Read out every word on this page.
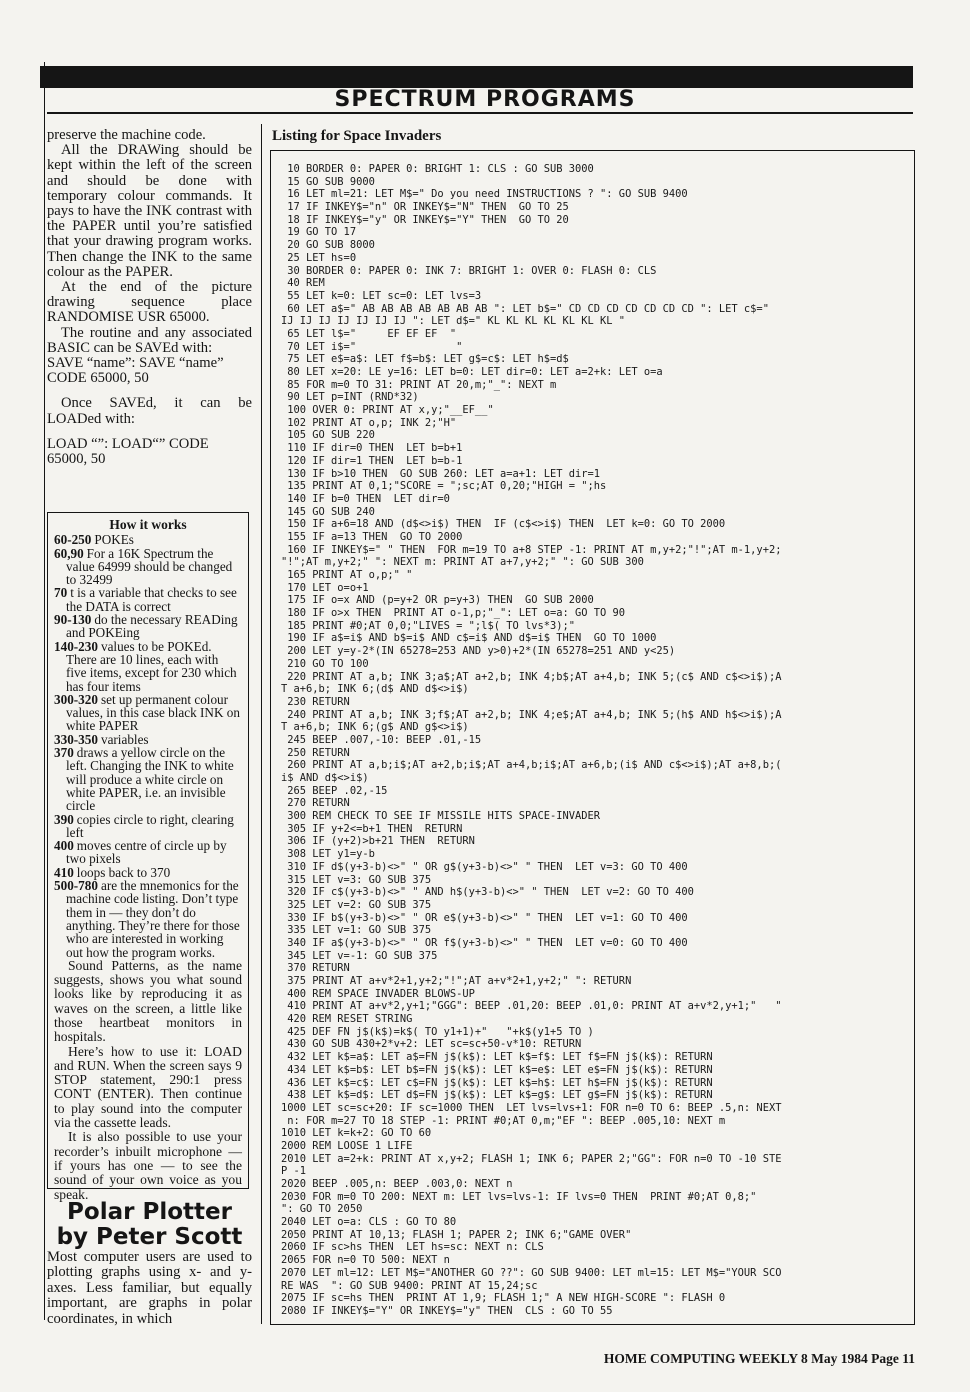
SPECTRUM PROGRAMS

preserve the machine code.

All the DRAWing should be kept within the left of the screen and should be done with temporary colour commands. It pays to have the INK contrast with the PAPER until you’re satisfied that your drawing program works. Then change the INK to the same colour as the PAPER.

At the end of the picture drawing sequence place RANDOMISE USR 65000.

The routine and any associated BASIC can be SAVEd with:

SAVE “name”: SAVE “name” CODE 65000, 50

Once SAVEd, it can be LOADed with:

LOAD “”: LOAD“” CODE 65000, 50

How it works

60-250 POKEs

60,90 For a 16K Spectrum the value 64999 should be changed to 32499

70 t is a variable that checks to see the DATA is correct

90-130 do the necessary READing and POKEing

140-230 values to be POKEd. There are 10 lines, each with five items, except for 230 which has four items

300-320 set up permanent colour values, in this case black INK on white PAPER

330-350 variables

370 draws a yellow circle on the left. Changing the INK to white will produce a white circle on white PAPER, i.e. an invisible circle

390 copies circle to right, clearing left

400 moves centre of circle up by two pixels

410 loops back to 370

500-780 are the mnemonics for the machine code listing. Don’t type them in — they don’t do anything. They’re there for those who are interested in working out how the program works.

Sound Patterns, as the name suggests, shows you what sound looks like by reproducing it as waves on the screen, a little like those heartbeat monitors in hospitals.

Here’s how to use it: LOAD and RUN. When the screen says 9 STOP statement, 290:1 press CONT (ENTER). Then continue to play sound into the computer via the cassette leads.

It is also possible to use your recorder’s inbuilt microphone — if yours has one — to see the sound of your own voice as you speak.

Polar Plotter
by Peter Scott
Most computer users are used to plotting graphs using x- and y-axes. Less familiar, but equally important, are graphs in polar coordinates, in which
Listing for Space Invaders
10 BORDER 0: PAPER 0: BRIGHT 1: CLS : GO SUB 3000
15 GO SUB 9000
16 LET ml=21: LET M$=" Do you need INSTRUCTIONS ? ": GO SUB 9400
17 IF INKEY$="n" OR INKEY$="N" THEN  GO TO 25
18 IF INKEY$="y" OR INKEY$="Y" THEN  GO TO 20
19 GO TO 17
20 GO SUB 8000
25 LET hs=0
30 BORDER 0: PAPER 0: INK 7: BRIGHT 1: OVER 0: FLASH 0: CLS
40 REM
55 LET k=0: LET sc=0: LET lvs=3
60 LET a$=" AB AB AB AB AB AB AB ": LET b$=" CD CD CD CD CD CD CD ": LET c$="
IJ IJ IJ IJ IJ IJ IJ ": LET d$=" KL KL KL KL KL KL KL "
65 LET l$="     EF EF EF  "
70 LET i$="                "
75 LET e$=a$: LET f$=b$: LET g$=c$: LET h$=d$
80 LET x=20: LE y=16: LET b=0: LET dir=0: LET a=2+k: LET o=a
85 FOR m=0 TO 31: PRINT AT 20,m;"_": NEXT m
90 LET p=INT (RND*32)
100 OVER 0: PRINT AT x,y;"__EF__"
102 PRINT AT o,p; INK 2;"H"
105 GO SUB 220
110 IF dir=0 THEN  LET b=b+1
120 IF dir=1 THEN  LET b=b-1
130 IF b>10 THEN  GO SUB 260: LET a=a+1: LET dir=1
135 PRINT AT 0,1;"SCORE = ";sc;AT 0,20;"HIGH = ";hs
140 IF b=0 THEN  LET dir=0
145 GO SUB 240
150 IF a+6=18 AND (d$<>i$) THEN  IF (c$<>i$) THEN  LET k=0: GO TO 2000
155 IF a=13 THEN  GO TO 2000
160 IF INKEY$=" " THEN  FOR m=19 TO a+8 STEP -1: PRINT AT m,y+2;"!";AT m-1,y+2;
"!";AT m,y+2;" ": NEXT m: PRINT AT a+7,y+2;" ": GO SUB 300
165 PRINT AT o,p;" "
170 LET o=o+1
175 IF o=x AND (p=y+2 OR p=y+3) THEN  GO SUB 2000
180 IF o>x THEN  PRINT AT o-1,p;"_": LET o=a: GO TO 90
185 PRINT #0;AT 0,0;"LIVES = ";l$( TO lvs*3);"
190 IF a$=i$ AND b$=i$ AND c$=i$ AND d$=i$ THEN  GO TO 1000
200 LET y=y-2*(IN 65278=253 AND y>0)+2*(IN 65278=251 AND y<25)
210 GO TO 100
220 PRINT AT a,b; INK 3;a$;AT a+2,b; INK 4;b$;AT a+4,b; INK 5;(c$ AND c$<>i$);A
T a+6,b; INK 6;(d$ AND d$<>i$)
230 RETURN
240 PRINT AT a,b; INK 3;f$;AT a+2,b; INK 4;e$;AT a+4,b; INK 5;(h$ AND h$<>i$);A
T a+6,b; INK 6;(g$ AND g$<>i$)
245 BEEP .007,-10: BEEP .01,-15
250 RETURN
260 PRINT AT a,b;i$;AT a+2,b;i$;AT a+4,b;i$;AT a+6,b;(i$ AND c$<>i$);AT a+8,b;(
i$ AND d$<>i$)
265 BEEP .02,-15
270 RETURN
300 REM CHECK TO SEE IF MISSILE HITS SPACE-INVADER
305 IF y+2<=b+1 THEN  RETURN
306 IF (y+2)>b+21 THEN  RETURN
308 LET y1=y-b
310 IF d$(y+3-b)<>" " OR g$(y+3-b)<>" " THEN  LET v=3: GO TO 400
315 LET v=3: GO SUB 375
320 IF c$(y+3-b)<>" " AND h$(y+3-b)<>" " THEN  LET v=2: GO TO 400
325 LET v=2: GO SUB 375
330 IF b$(y+3-b)<>" " OR e$(y+3-b)<>" " THEN  LET v=1: GO TO 400
335 LET v=1: GO SUB 375
340 IF a$(y+3-b)<>" " OR f$(y+3-b)<>" " THEN  LET v=0: GO TO 400
345 LET v=-1: GO SUB 375
370 RETURN
375 PRINT AT a+v*2+1,y+2;"!";AT a+v*2+1,y+2;" ": RETURN
400 REM SPACE INVADER BLOWS-UP
410 PRINT AT a+v*2,y+1;"GGG": BEEP .01,20: BEEP .01,0: PRINT AT a+v*2,y+1;"   "
420 REM RESET STRING
425 DEF FN j$(k$)=k$( TO y1+1)+"   "+k$(y1+5 TO )
430 GO SUB 430+2*v+2: LET sc=sc+50-v*10: RETURN
432 LET k$=a$: LET a$=FN j$(k$): LET k$=f$: LET f$=FN j$(k$): RETURN
434 LET k$=b$: LET b$=FN j$(k$): LET k$=e$: LET e$=FN j$(k$): RETURN
436 LET k$=c$: LET c$=FN j$(k$): LET k$=h$: LET h$=FN j$(k$): RETURN
438 LET k$=d$: LET d$=FN j$(k$): LET k$=g$: LET g$=FN j$(k$): RETURN
1000 LET sc=sc+20: IF sc=1000 THEN  LET lvs=lvs+1: FOR n=0 TO 6: BEEP .5,n: NEXT
n: FOR m=27 TO 18 STEP -1: PRINT #0;AT 0,m;"EF ": BEEP .005,10: NEXT m
1010 LET k=k+2: GO TO 60
2000 REM LOOSE 1 LIFE
2010 LET a=2+k: PRINT AT x,y+2; FLASH 1; INK 6; PAPER 2;"GG": FOR n=0 TO -10 STE
P -1
2020 BEEP .005,n: BEEP .003,0: NEXT n
2030 FOR m=0 TO 200: NEXT m: LET lvs=lvs-1: IF lvs=0 THEN  PRINT #0;AT 0,8;"
": GO TO 2050
2040 LET o=a: CLS : GO TO 80
2050 PRINT AT 10,13; FLASH 1; PAPER 2; INK 6;"GAME OVER"
2060 IF sc>hs THEN  LET hs=sc: NEXT n: CLS
2065 FOR n=0 TO 500: NEXT n
2070 LET ml=12: LET M$="ANOTHER GO ??": GO SUB 9400: LET ml=15: LET M$="YOUR SCO
RE WAS  ": GO SUB 9400: PRINT AT 15,24;sc
2075 IF sc=hs THEN  PRINT AT 1,9; FLASH 1;" A NEW HIGH-SCORE ": FLASH 0
2080 IF INKEY$="Y" OR INKEY$="y" THEN  CLS : GO TO 55
HOME COMPUTING WEEKLY 8 May 1984 Page 11
